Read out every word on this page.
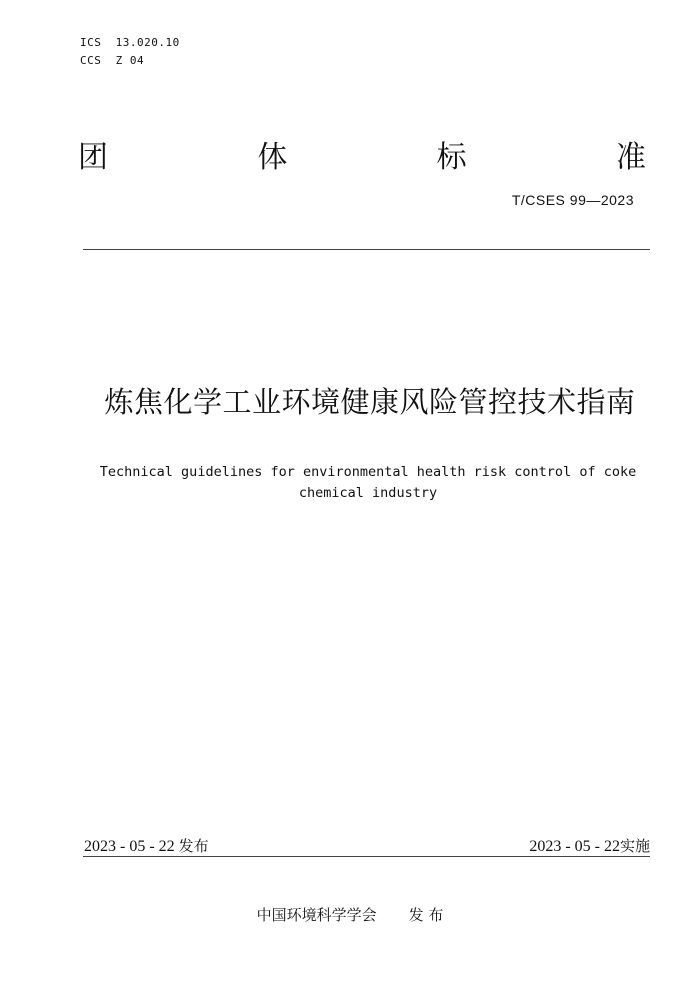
ICS  13.020.10
CCS  Z 04
团	体	标	准
T/CSES 99—2023
炼焦化学工业环境健康风险管控技术指南
Technical guidelines for environmental health risk control of coke
chemical industry
2023 - 05 - 22 发布	2023 - 05 - 22实施
中国环境科学学会 发 布
